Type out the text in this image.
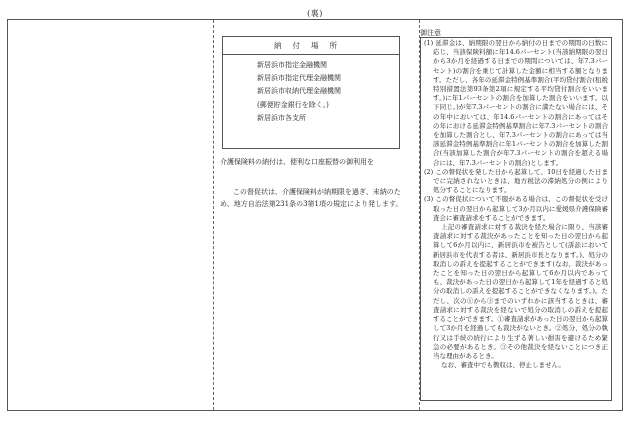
(裏)
納付場所
新居浜市指定金融機関
新居浜市指定代理金融機関
新居浜市収納代理金融機関
(郵便貯金銀行を除く。)
新居浜市各支所
介護保険料の納付は、便利な口座振替の御利用を
この督促状は、介護保険料が納期限を過ぎ、未納のため、地方自治法第231条の3第1項の規定により発します。
御注意
(1) 延滞金は、納期限の翌日から納付の日までの期間の日数に応じ、当該保険料額に年14.6パーセント(当該納期限の翌日から3か月を経過する日までの期間については、年7.3パーセント)の割合を乗じて計算した金額に相当する額となります。ただし、各年の延滞金特例基準割合(平均貸付割合(租税特別措置法第93条第2項に規定する平均貸付割合をいいます。)に年1パーセントの割合を加算した割合をいいます。以下同じ。)が年7.3パーセントの割合に満たない場合には、その年中においては、年14.6パーセントの割合にあってはその年における延滞金特例基準割合に年7.3パーセントの割合を加算した割合とし、年7.3パーセントの割合にあっては当該延滞金特例基準割合に年1パーセントの割合を加算した割合(当該加算した割合が年7.3パーセントの割合を超える場合には、年7.3パーセントの割合)とします。
(2) この督促状を発した日から起算して、10日を経過した日までに完納されないときは、地方税法の滞納処分の例により処分することになります。
(3) この督促状について不服がある場合は、この督促状を受け取った日の翌日から起算して3か月以内に愛媛県介護保険審査会に審査請求をすることができます。
上記の審査請求に対する裁決を経た場合に限り、当該審査請求に対する裁決があったことを知った日の翌日から起算して6か月以内に、新居浜市を被告として(訴訟において新居浜市を代表する者は、新居浜市長となります。)、処分の取消しの訴えを提起することができます(なお、裁決があったことを知った日の翌日から起算して6か月以内であっても、裁決があった日の翌日から起算して1年を経過すると処分の取消しの訴えを提起することができなくなります。)。ただし、次の①から③までのいずれかに該当するときは、審査請求に対する裁決を経ないで処分の取消しの訴えを提起することができます。①審査請求があった日の翌日から起算して3か月を経過しても裁決がないとき。②処分、処分の執行又は手続の続行により生ずる著しい損害を避けるため緊急の必要があるとき。③その他裁決を経ないことにつき正当な理由があるとき。
なお、審査中でも徴収は、停止しません。
